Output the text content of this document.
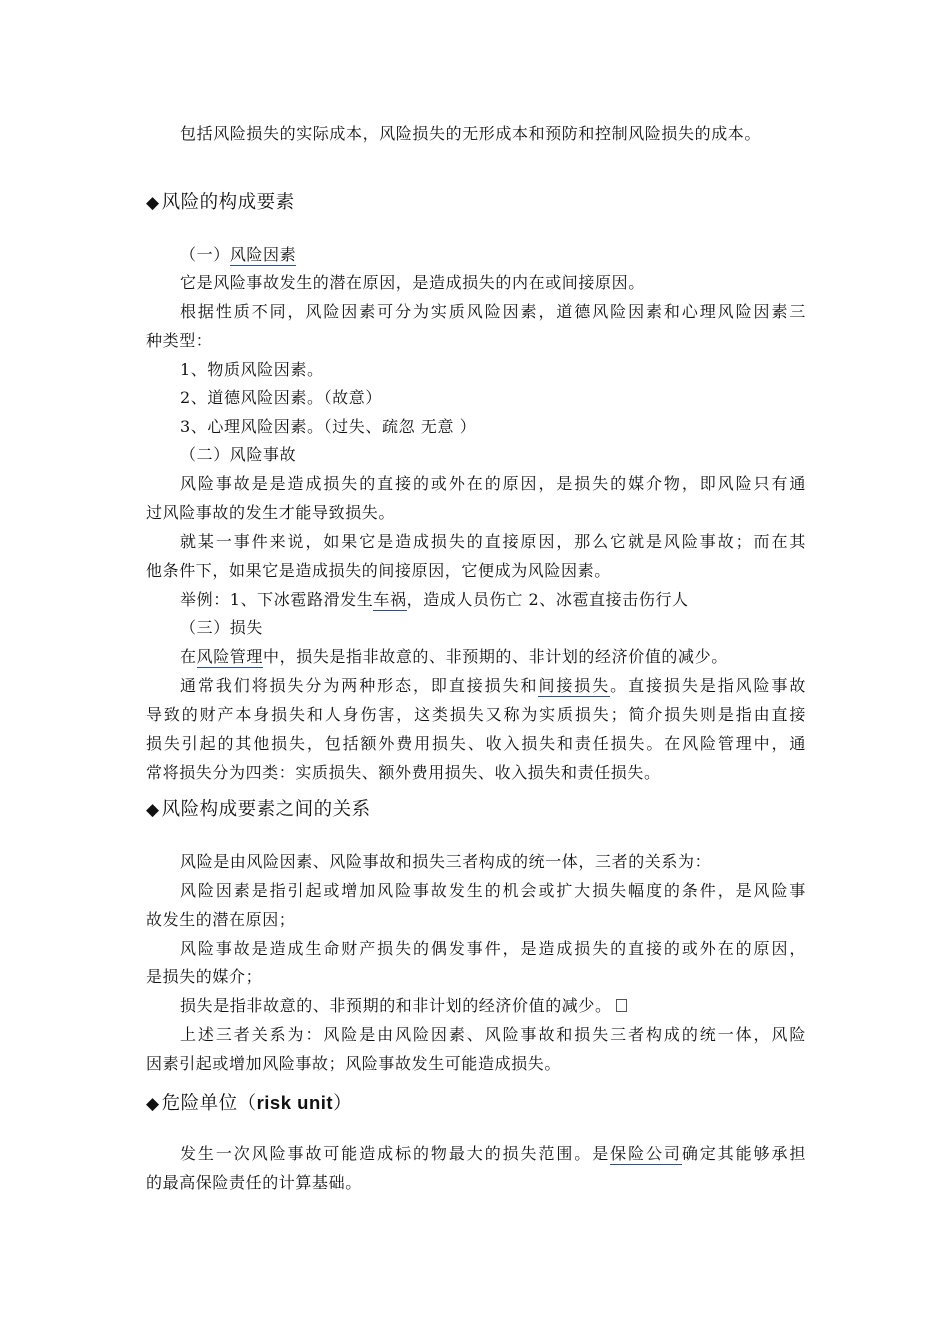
包括风险损失的实际成本，风险损失的无形成本和预防和控制风险损失的成本。
◆ 风险的构成要素
（一）风险因素
它是风险事故发生的潜在原因，是造成损失的内在或间接原因。
根据性质不同，风险因素可分为实质风险因素，道德风险因素和心理风险因素三
种类型：
1、物质风险因素。
2、道德风险因素。（故意）
3、心理风险因素。（过失、疏忽 无意 ）
（二）风险事故
风险事故是是造成损失的直接的或外在的原因，是损失的媒介物，即风险只有通
过风险事故的发生才能导致损失。
就某一事件来说，如果它是造成损失的直接原因，那么它就是风险事故；而在其
他条件下，如果它是造成损失的间接原因，它便成为风险因素。
举例：1、下冰雹路滑发生车祸，造成人员伤亡 2、冰雹直接击伤行人
（三）损失
在风险管理中，损失是指非故意的、非预期的、非计划的经济价值的减少。
通常我们将损失分为两种形态，即直接损失和间接损失。直接损失是指风险事故
导致的财产本身损失和人身伤害，这类损失又称为实质损失；简介损失则是指由直接
损失引起的其他损失，包括额外费用损失、收入损失和责任损失。在风险管理中，通
常将损失分为四类：实质损失、额外费用损失、收入损失和责任损失。
◆ 风险构成要素之间的关系
风险是由风险因素、风险事故和损失三者构成的统一体，三者的关系为：
风险因素是指引起或增加风险事故发生的机会或扩大损失幅度的条件，是风险事
故发生的潜在原因；
风险事故是造成生命财产损失的偶发事件，是造成损失的直接的或外在的原因，
是损失的媒介；
损失是指非故意的、非预期的和非计划的经济价值的减少。
上述三者关系为：风险是由风险因素、风险事故和损失三者构成的统一体，风险
因素引起或增加风险事故；风险事故发生可能造成损失。
◆ 危险单位（risk unit）
发生一次风险事故可能造成标的物最大的损失范围。是保险公司确定其能够承担
的最高保险责任的计算基础。
